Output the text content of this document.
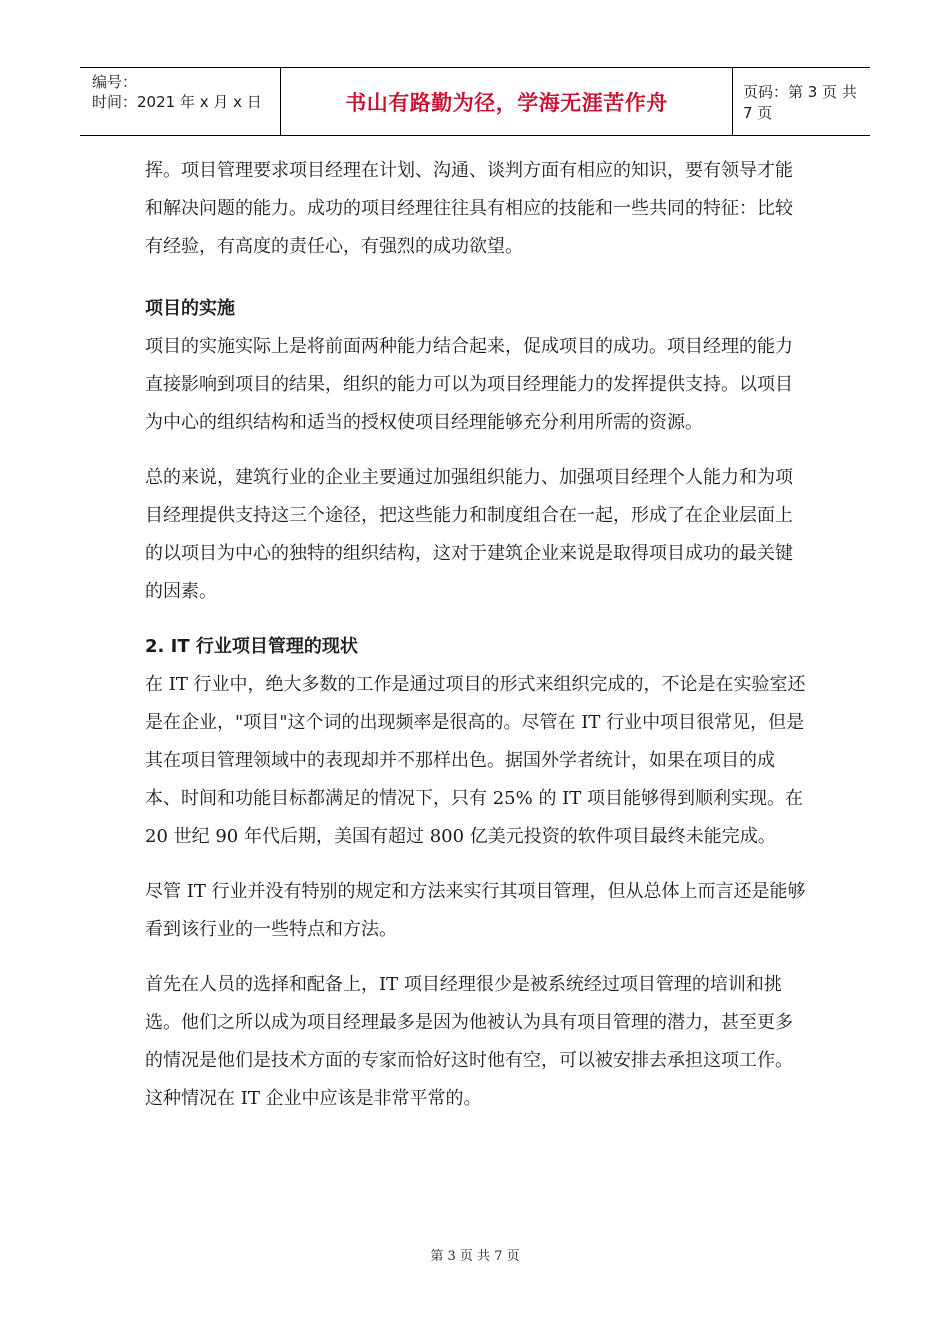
编号：
时间：2021 年 x 月 x 日	书山有路勤为径，学海无涯苦作舟	页码：第 3 页 共 7 页

挥。项目管理要求项目经理在计划、沟通、谈判方面有相应的知识，要有领导才能和解决问题的能力。成功的项目经理往往具有相应的技能和一些共同的特征：比较有经验，有高度的责任心，有强烈的成功欲望。

项目的实施

项目的实施实际上是将前面两种能力结合起来，促成项目的成功。项目经理的能力直接影响到项目的结果，组织的能力可以为项目经理能力的发挥提供支持。以项目为中心的组织结构和适当的授权使项目经理能够充分利用所需的资源。

总的来说，建筑行业的企业主要通过加强组织能力、加强项目经理个人能力和为项目经理提供支持这三个途径，把这些能力和制度组合在一起，形成了在企业层面上的以项目为中心的独特的组织结构，这对于建筑企业来说是取得项目成功的最关键的因素。

2. IT 行业项目管理的现状

在 IT 行业中，绝大多数的工作是通过项目的形式来组织完成的，不论是在实验室还是在企业，"项目"这个词的出现频率是很高的。尽管在 IT 行业中项目很常见，但是其在项目管理领域中的表现却并不那样出色。据国外学者统计，如果在项目的成本、时间和功能目标都满足的情况下，只有 25% 的 IT 项目能够得到顺利实现。在 20 世纪 90 年代后期，美国有超过 800 亿美元投资的软件项目最终未能完成。

尽管 IT 行业并没有特别的规定和方法来实行其项目管理，但从总体上而言还是能够看到该行业的一些特点和方法。

首先在人员的选择和配备上，IT 项目经理很少是被系统经过项目管理的培训和挑选。他们之所以成为项目经理最多是因为他被认为具有项目管理的潜力，甚至更多的情况是他们是技术方面的专家而恰好这时他有空，可以被安排去承担这项工作。这种情况在 IT 企业中应该是非常平常的。

第 3 页 共 7 页
